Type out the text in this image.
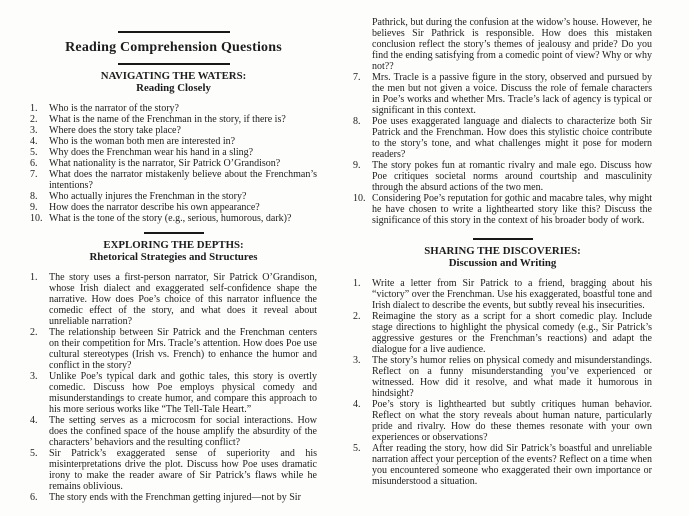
Reading Comprehension Questions
NAVIGATING THE WATERS:
Reading Closely
1. Who is the narrator of the story?
2. What is the name of the Frenchman in the story, if there is?
3. Where does the story take place?
4. Who is the woman both men are interested in?
5. Why does the Frenchman wear his hand in a sling?
6. What nationality is the narrator, Sir Patrick O’Grandison?
7. What does the narrator mistakenly believe about the Frenchman’s intentions?
8. Who actually injures the Frenchman in the story?
9. How does the narrator describe his own appearance?
10. What is the tone of the story (e.g., serious, humorous, dark)?
EXPLORING THE DEPTHS:
Rhetorical Strategies and Structures
1. The story uses a first-person narrator, Sir Patrick O’Grandison, whose Irish dialect and exaggerated self-confidence shape the narrative. How does Poe’s choice of this narrator influence the comedic effect of the story, and what does it reveal about unreliable narration?
2. The relationship between Sir Patrick and the Frenchman centers on their competition for Mrs. Tracle’s attention. How does Poe use cultural stereotypes (Irish vs. French) to enhance the humor and conflict in the story?
3. Unlike Poe’s typical dark and gothic tales, this story is overtly comedic. Discuss how Poe employs physical comedy and misunderstandings to create humor, and compare this approach to his more serious works like “The Tell-Tale Heart.”
4. The setting serves as a microcosm for social interactions. How does the confined space of the house amplify the absurdity of the characters’ behaviors and the resulting conflict?
5. Sir Patrick’s exaggerated sense of superiority and his misinterpretations drive the plot. Discuss how Poe uses dramatic irony to make the reader aware of Sir Patrick’s flaws while he remains oblivious.
6. The story ends with the Frenchman getting injured—not by Sir
Pathrick, but during the confusion at the widow’s house. However, he believes Sir Pathrick is responsible. How does this mistaken conclusion reflect the story’s themes of jealousy and pride? Do you find the ending satisfying from a comedic point of view? Why or why not??
7. Mrs. Tracle is a passive figure in the story, observed and pursued by the men but not given a voice. Discuss the role of female characters in Poe’s works and whether Mrs. Tracle’s lack of agency is typical or significant in this context.
8. Poe uses exaggerated language and dialects to characterize both Sir Patrick and the Frenchman. How does this stylistic choice contribute to the story’s tone, and what challenges might it pose for modern readers?
9. The story pokes fun at romantic rivalry and male ego. Discuss how Poe critiques societal norms around courtship and masculinity through the absurd actions of the two men.
10. Considering Poe’s reputation for gothic and macabre tales, why might he have chosen to write a lighthearted story like this? Discuss the significance of this story in the context of his broader body of work.
SHARING THE DISCOVERIES:
Discussion and Writing
1. Write a letter from Sir Patrick to a friend, bragging about his “victory” over the Frenchman. Use his exaggerated, boastful tone and Irish dialect to describe the events, but subtly reveal his insecurities.
2. Reimagine the story as a script for a short comedic play. Include stage directions to highlight the physical comedy (e.g., Sir Patrick’s aggressive gestures or the Frenchman’s reactions) and adapt the dialogue for a live audience.
3. The story’s humor relies on physical comedy and misunderstandings. Reflect on a funny misunderstanding you’ve experienced or witnessed. How did it resolve, and what made it humorous in hindsight?
4. Poe’s story is lighthearted but subtly critiques human behavior. Reflect on what the story reveals about human nature, particularly pride and rivalry. How do these themes resonate with your own experiences or observations?
5. After reading the story, how did Sir Patrick’s boastful and unreliable narration affect your perception of the events? Reflect on a time when you encountered someone who exaggerated their own importance or misunderstood a situation.
